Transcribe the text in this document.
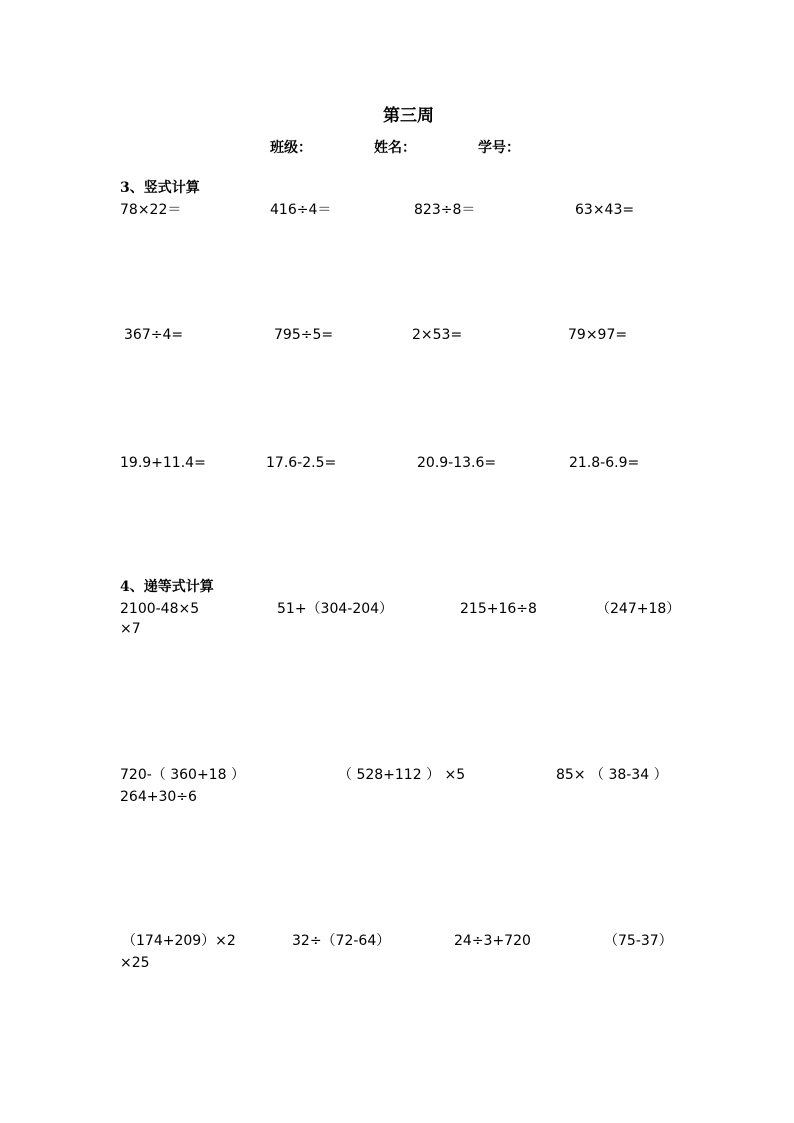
第三周
班级：	姓名：	学号：
3、竖式计算
78×22＝	416÷4＝	823÷8＝	63×43=
367÷4=	795÷5=	2×53=	79×97=
19.9+11.4=	17.6-2.5=	20.9-13.6=	21.8-6.9=
4、递等式计算
2100-48×5	51+（304-204）	215+16÷8	（247+18）
×7
720-（ 360+18 ）	（ 528+112 ） ×5	85× （ 38-34 ）
264+30÷6
（174+209）×2	32÷（72-64）	24÷3+720	（75-37）
×25
